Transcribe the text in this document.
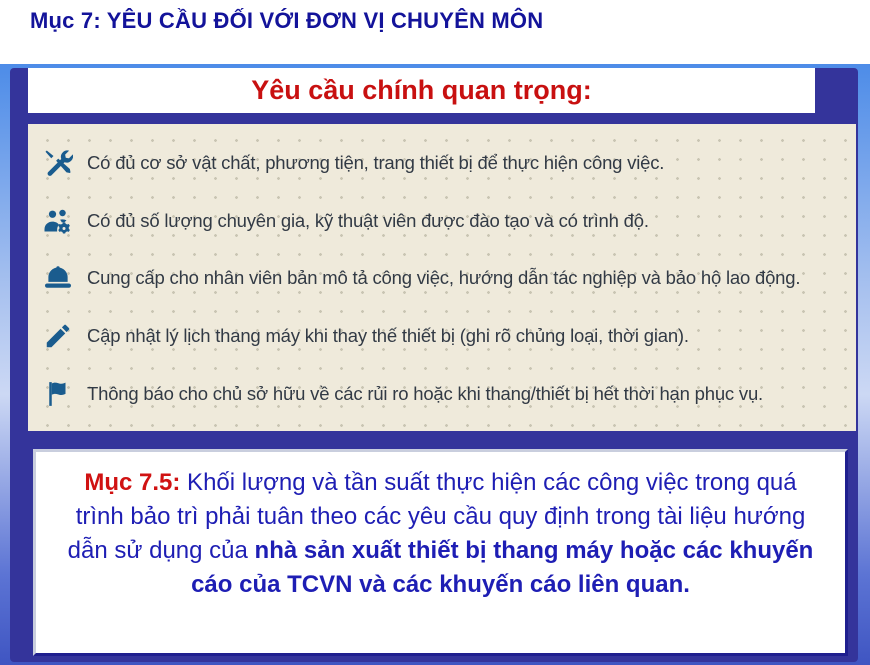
Mục 7: YÊU CẦU ĐỐI VỚI ĐƠN VỊ CHUYÊN MÔN
Yêu cầu chính quan trọng:
Có đủ cơ sở vật chất, phương tiện, trang thiết bị để thực hiện công việc.
Có đủ số lượng chuyên gia, kỹ thuật viên được đào tạo và có trình độ.
Cung cấp cho nhân viên bản mô tả công việc, hướng dẫn tác nghiệp và bảo hộ lao động.
Cập nhật lý lịch thang máy khi thay thế thiết bị (ghi rõ chủng loại, thời gian).
Thông báo cho chủ sở hữu về các rủi ro hoặc khi thang/thiết bị hết thời hạn phục vụ.

Mục 7.5: Khối lượng và tần suất thực hiện các công việc trong quá trình bảo trì phải tuân theo các yêu cầu quy định trong tài liệu hướng dẫn sử dụng của nhà sản xuất thiết bị thang máy hoặc các khuyến cáo của TCVN và các khuyến cáo liên quan.
